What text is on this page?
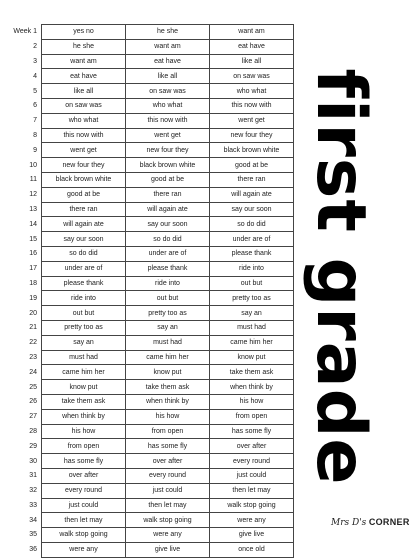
Week 1	yes no	he she	want am
2	he she	want am	eat have
3	want am	eat have	like all
4	eat have	like all	on saw was
5	like all	on saw was	who what
6	on saw was	who what	this now with
7	who what	this now with	went get
8	this now with	went get	new four they
9	went get	new four they	black brown white
10	new four they	black brown white	good at be
11	black brown white	good at be	there ran
12	good at be	there ran	will again ate
13	there ran	will again ate	say our soon
14	will again ate	say our soon	so do did
15	say our soon	so do did	under are of
16	so do did	under are of	please thank
17	under are of	please thank	ride into
18	please thank	ride into	out but
19	ride into	out but	pretty too as
20	out but	pretty too as	say an
21	pretty too as	say an	must had
22	say an	must had	came him her
23	must had	came him her	know put
24	came him her	know put	take them ask
25	know put	take them ask	when think by
26	take them ask	when think by	his how
27	when think by	his how	from open
28	his how	from open	has some fly
29	from open	has some fly	over after
30	has some fly	over after	every round
31	over after	every round	just could
32	every round	just could	then let may
33	just could	then let may	walk stop going
34	then let may	walk stop going	were any
35	walk stop going	were any	give live
36	were any	give live	once old
first grade
Mrs D's CORNER
